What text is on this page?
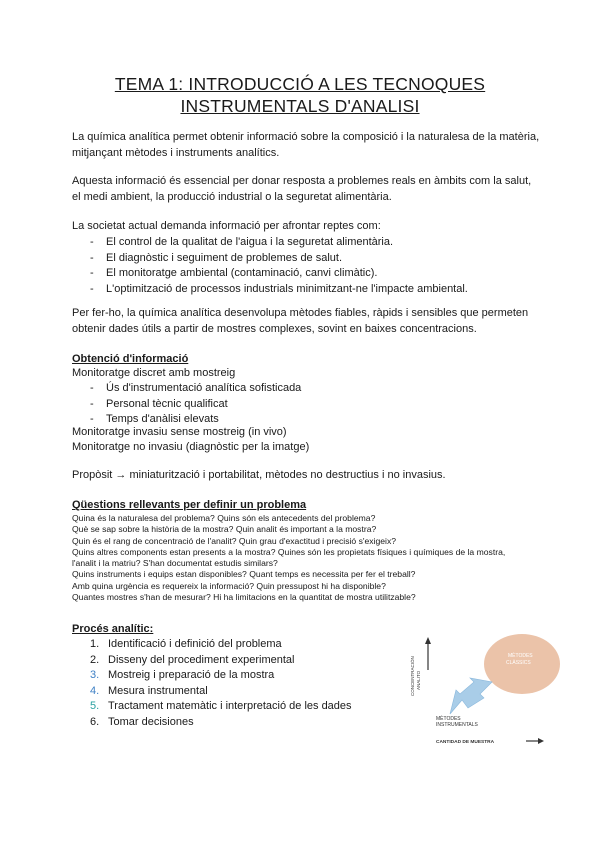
TEMA 1: INTRODUCCIÓ A LES TECNOQUES
INSTRUMENTALS D'ANALISI

La química analítica permet obtenir informació sobre la composició i la naturalesa de la matèria, mitjançant mètodes i instruments analítics.

Aquesta informació és essencial per donar resposta a problemes reals en àmbits com la salut, el medi ambient, la producció industrial o la seguretat alimentària.

La societat actual demanda informació per afrontar reptes com:

- El control de la qualitat de l'aigua i la seguretat alimentària.
- El diagnòstic i seguiment de problemes de salut.
- El monitoratge ambiental (contaminació, canvi climàtic).
- L'optimització de processos industrials minimitzant-ne l'impacte ambiental.

Per fer-ho, la química analítica desenvolupa mètodes fiables, ràpids i sensibles que permeten obtenir dades útils a partir de mostres complexes, sovint en baixes concentracions.

Obtenció d'informació

Monitoratge discret amb mostreig

- Ús d'instrumentació analítica sofisticada
- Personal tècnic qualificat
- Temps d'anàlisi elevats

Monitoratge invasiu sense mostreig (in vivo)

Monitoratge no invasiu (diagnòstic per la imatge)

Propòsit → miniaturització i portabilitat, mètodes no destructius i no invasius.

Qüestions rellevants per definir un problema

Quina és la naturalesa del problema? Quins són els antecedents del problema?
Què se sap sobre la història de la mostra? Quin analit és important a la mostra?
Quin és el rang de concentració de l'analit? Quin grau d'exactitud i precisió s'exigeix?
Quins altres components estan presents a la mostra? Quines són les propietats físiques i químiques de la mostra, l'analit i la matriu? S'han documentat estudis similars?
Quins instruments i equips estan disponibles? Quant temps es necessita per fer el treball?
Amb quina urgència es requereix la informació? Quin pressupost hi ha disponible?
Quantes mostres s'han de mesurar? Hi ha limitacions en la quantitat de mostra utilitzable?

Procés analític:

1. Identificació i definició del problema
2. Disseny del procediment experimental
3. Mostreig i preparació de la mostra
4. Mesura instrumental
5. Tractament matemàtic i interpretació de les dades
6. Tomar decisiones
CONCENTRACIÓN ANALITO
MÈTODES
CLÀSSICS
MÈTODES
INSTRUMENTALS
CANTIDAD DE MUESTRA
